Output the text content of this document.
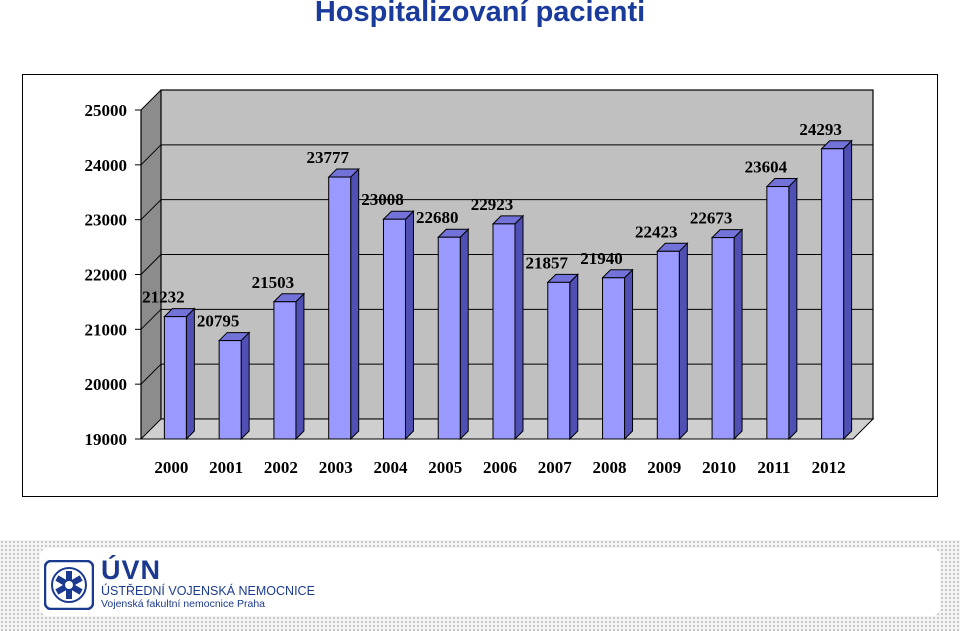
Hospitalizovaní pacienti
19000
20000
21000
22000
23000
24000
25000
21232
2000
20795
2001
21503
2002
23777
2003
23008
2004
22680
2005
22923
2006
21857
2007
21940
2008
22423
2009
22673
2010
23604
2011
24293
2012
ÚVN
ÚSTŘEDNÍ VOJENSKÁ NEMOCNICE
Vojenská fakultní nemocnice Praha
